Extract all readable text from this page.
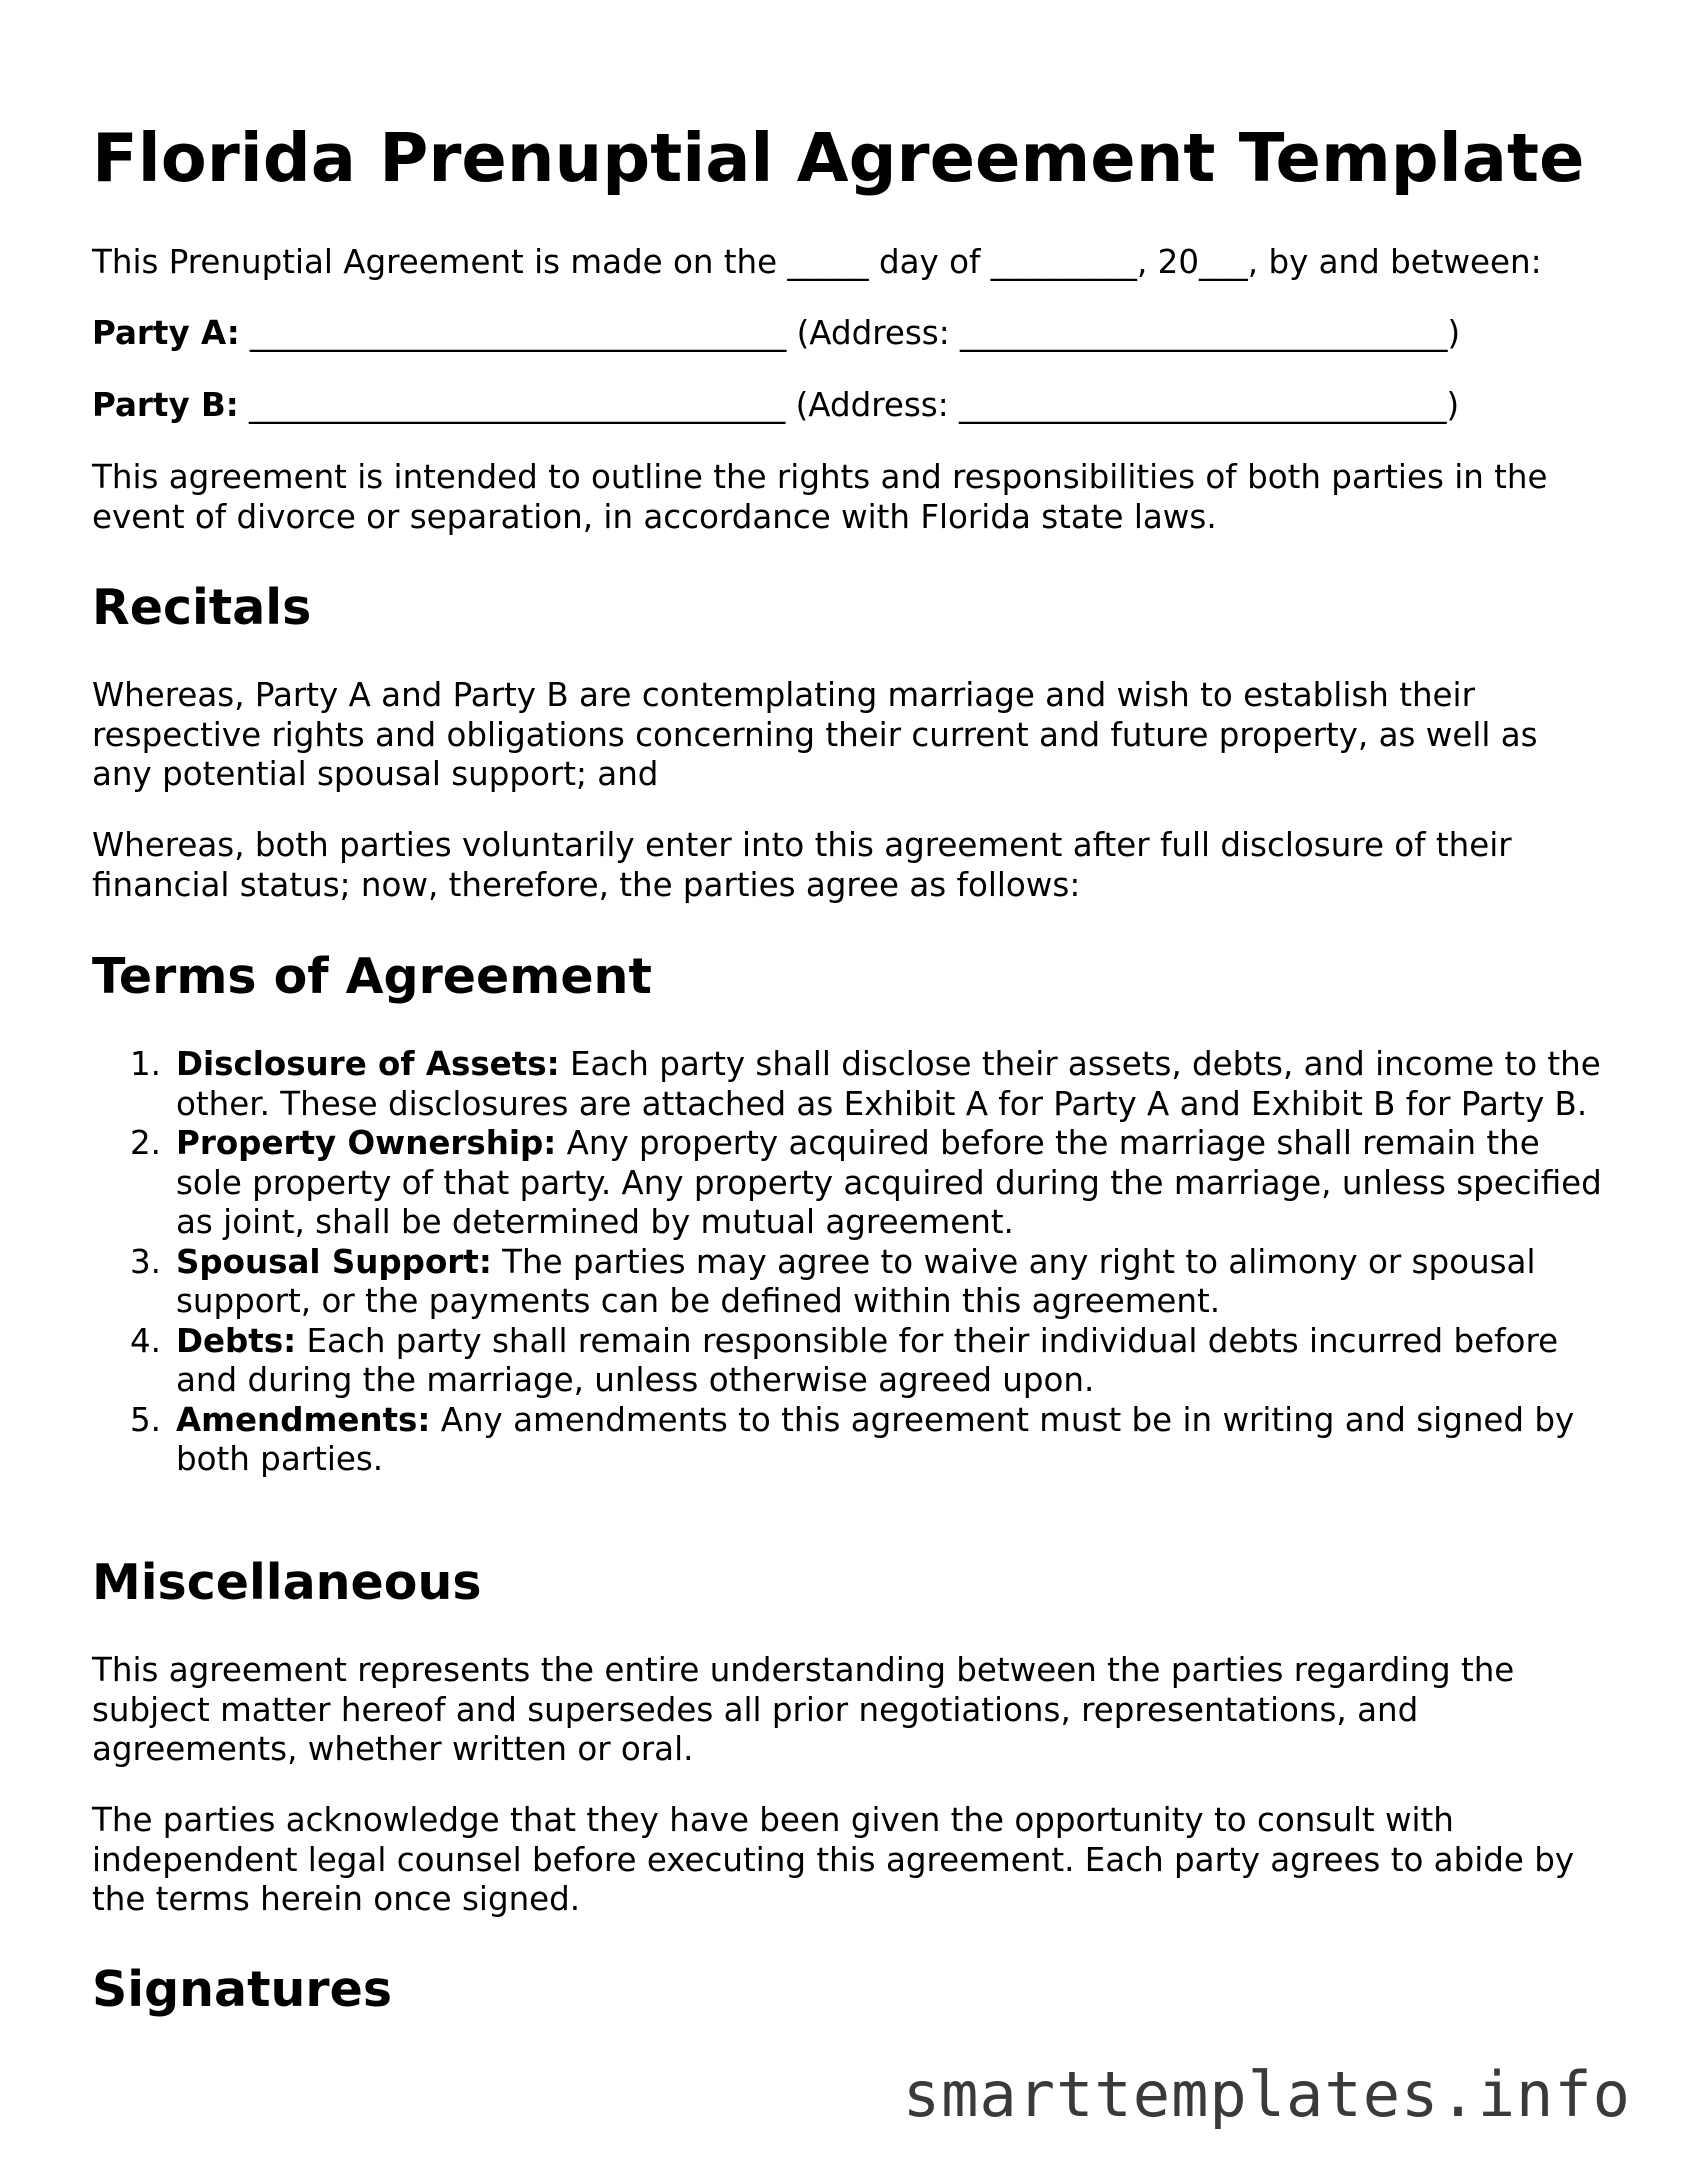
Florida Prenuptial Agreement Template

This Prenuptial Agreement is made on the _____ day of _________, 20___, by and between:

Party A: _________________________________ (Address: ______________________________)

Party B: _________________________________ (Address: ______________________________)

This agreement is intended to outline the rights and responsibilities of both parties in the event of divorce or separation, in accordance with Florida state laws.

Recitals

Whereas, Party A and Party B are contemplating marriage and wish to establish their respective rights and obligations concerning their current and future property, as well as any potential spousal support; and

Whereas, both parties voluntarily enter into this agreement after full disclosure of their financial status; now, therefore, the parties agree as follows:

Terms of Agreement
1. Disclosure of Assets: Each party shall disclose their assets, debts, and income to the other. These disclosures are attached as Exhibit A for Party A and Exhibit B for Party B.
2. Property Ownership: Any property acquired before the marriage shall remain the sole property of that party. Any property acquired during the marriage, unless specified as joint, shall be determined by mutual agreement.
3. Spousal Support: The parties may agree to waive any right to alimony or spousal support, or the payments can be defined within this agreement.
4. Debts: Each party shall remain responsible for their individual debts incurred before and during the marriage, unless otherwise agreed upon.
5. Amendments: Any amendments to this agreement must be in writing and signed by both parties.
Miscellaneous

This agreement represents the entire understanding between the parties regarding the subject matter hereof and supersedes all prior negotiations, representations, and agreements, whether written or oral.

The parties acknowledge that they have been given the opportunity to consult with independent legal counsel before executing this agreement. Each party agrees to abide by the terms herein once signed.

Signatures
smarttemplates.info
